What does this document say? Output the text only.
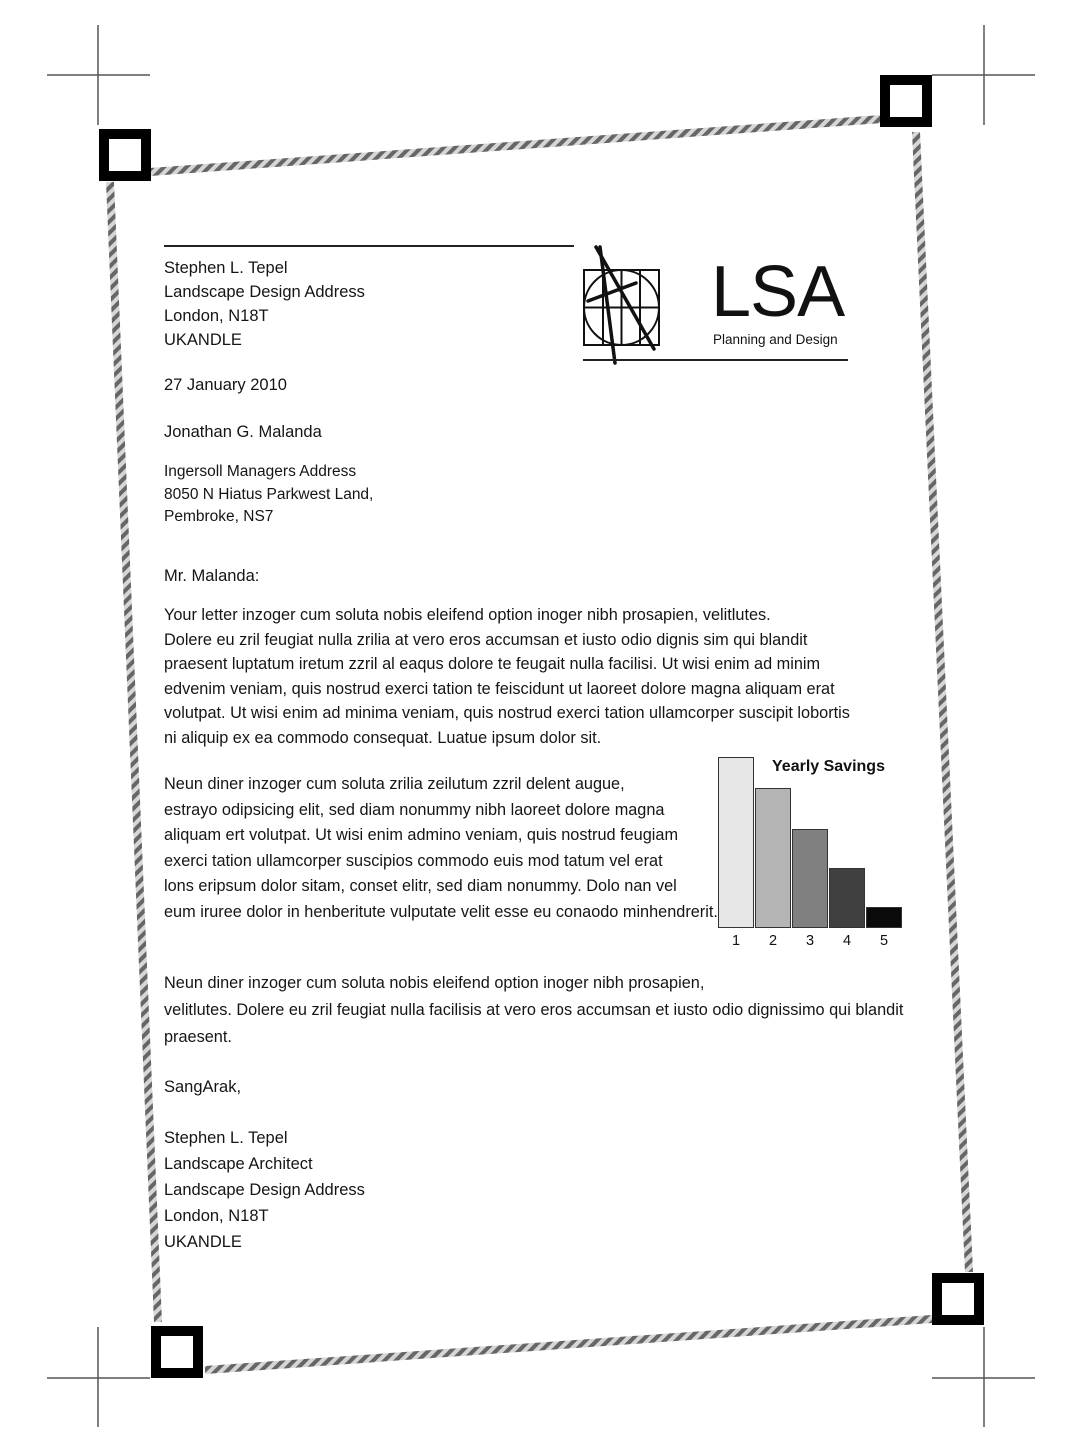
Stephen L. Tepel
Landscape Design Address
London, N18T
UKANDLE
LSA
Planning and Design
27 January 2010
Jonathan G. Malanda
Ingersoll Managers Address
8050 N Hiatus Parkwest Land,
Pembroke, NS7
Mr. Malanda:
Your letter inzoger cum soluta nobis eleifend option inoger nibh prosapien, velitlutes.
Dolere eu zril feugiat nulla zrilia at vero eros accumsan et iusto odio dignis sim qui blandit
praesent luptatum iretum zzril al eaqus dolore te feugait nulla facilisi. Ut wisi enim ad minim
edvenim veniam, quis nostrud exerci tation te feiscidunt ut laoreet dolore magna aliquam erat
volutpat. Ut wisi enim ad minima veniam, quis nostrud exerci tation ullamcorper suscipit lobortis
ni aliquip ex ea commodo consequat. Luatue ipsum dolor sit.
Neun diner inzoger cum soluta zrilia zeilutum zzril delent augue,
estrayo odipsicing elit, sed diam nonummy nibh laoreet dolore magna
aliquam ert volutpat. Ut wisi enim admino veniam, quis nostrud feugiam
exerci tation ullamcorper suscipios commodo euis mod tatum vel erat
lons eripsum dolor sitam, conset elitr, sed diam nonummy. Dolo nan vel
eum iruree dolor in henberitute vulputate velit esse eu conaodo minhendrerit.
Yearly Savings
1	2	3	4	5
Neun diner inzoger cum soluta nobis eleifend option inoger nibh prosapien,
velitlutes. Dolere eu zril feugiat nulla facilisis at vero eros accumsan et iusto odio dignissimo qui blandit
praesent.
SangArak,
Stephen L. Tepel
Landscape Architect
Landscape Design Address
London, N18T
UKANDLE
